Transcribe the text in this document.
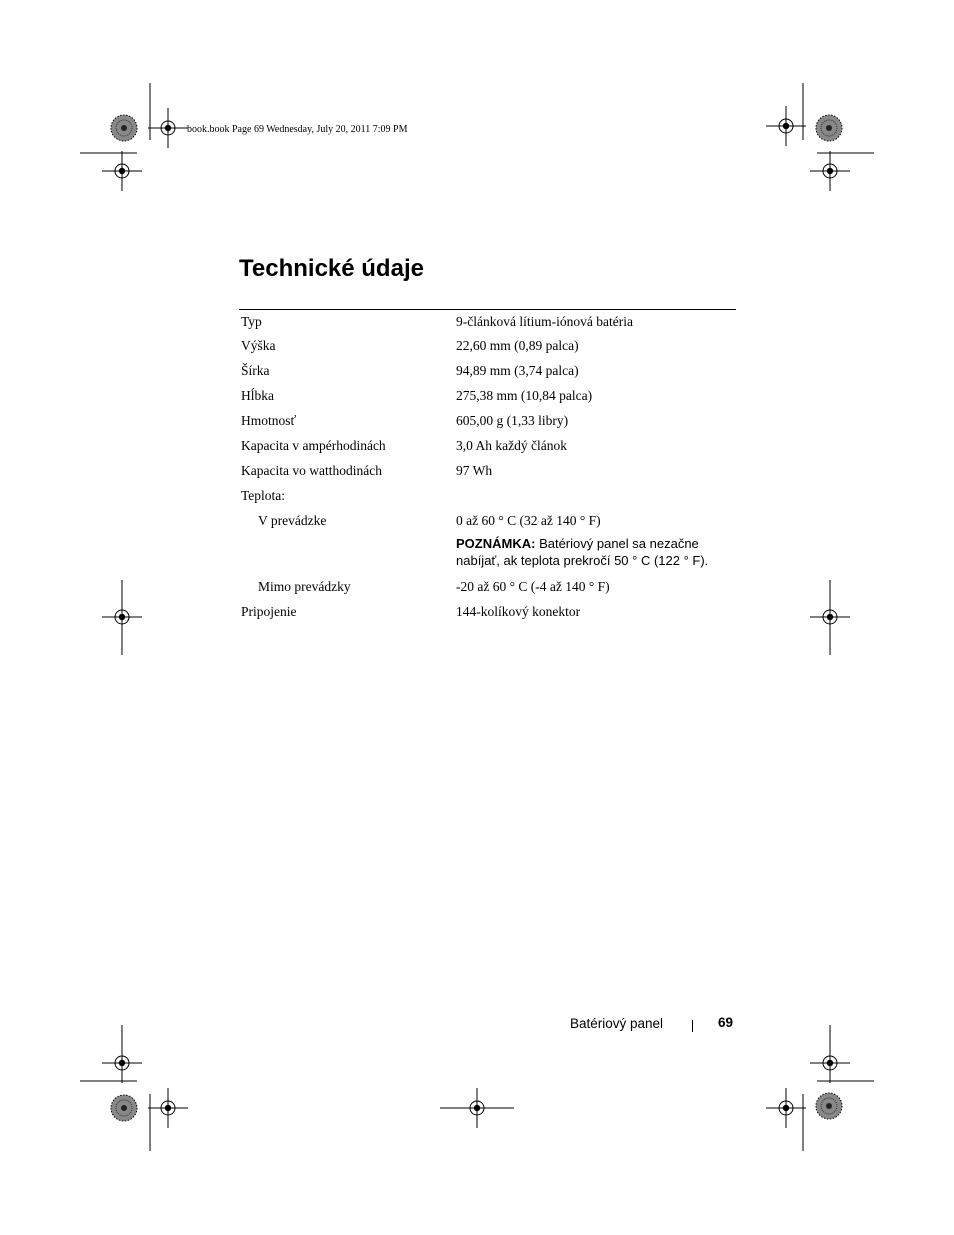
book.book Page 69 Wednesday, July 20, 2011 7:09 PM
Technické údaje
Typ	9-článková lítium-iónová batéria
Výška	22,60 mm (0,89 palca)
Šírka	94,89 mm (3,74 palca)
Hĺbka	275,38 mm (10,84 palca)
Hmotnosť	605,00 g (1,33 libry)
Kapacita v ampérhodinách	3,0 Ah každý článok
Kapacita vo watthodinách	97 Wh
Teplota:
V prevádzke	0 až 60 ° C (32 až 140 ° F)
POZNÁMKA: Batériový panel sa nezačne
nabíjať, ak teplota prekročí 50 ° C (122 ° F).
Mimo prevádzky	-20 až 60 ° C (-4 až 140 ° F)
Pripojenie	144-kolíkový konektor
Batériový panel	69
